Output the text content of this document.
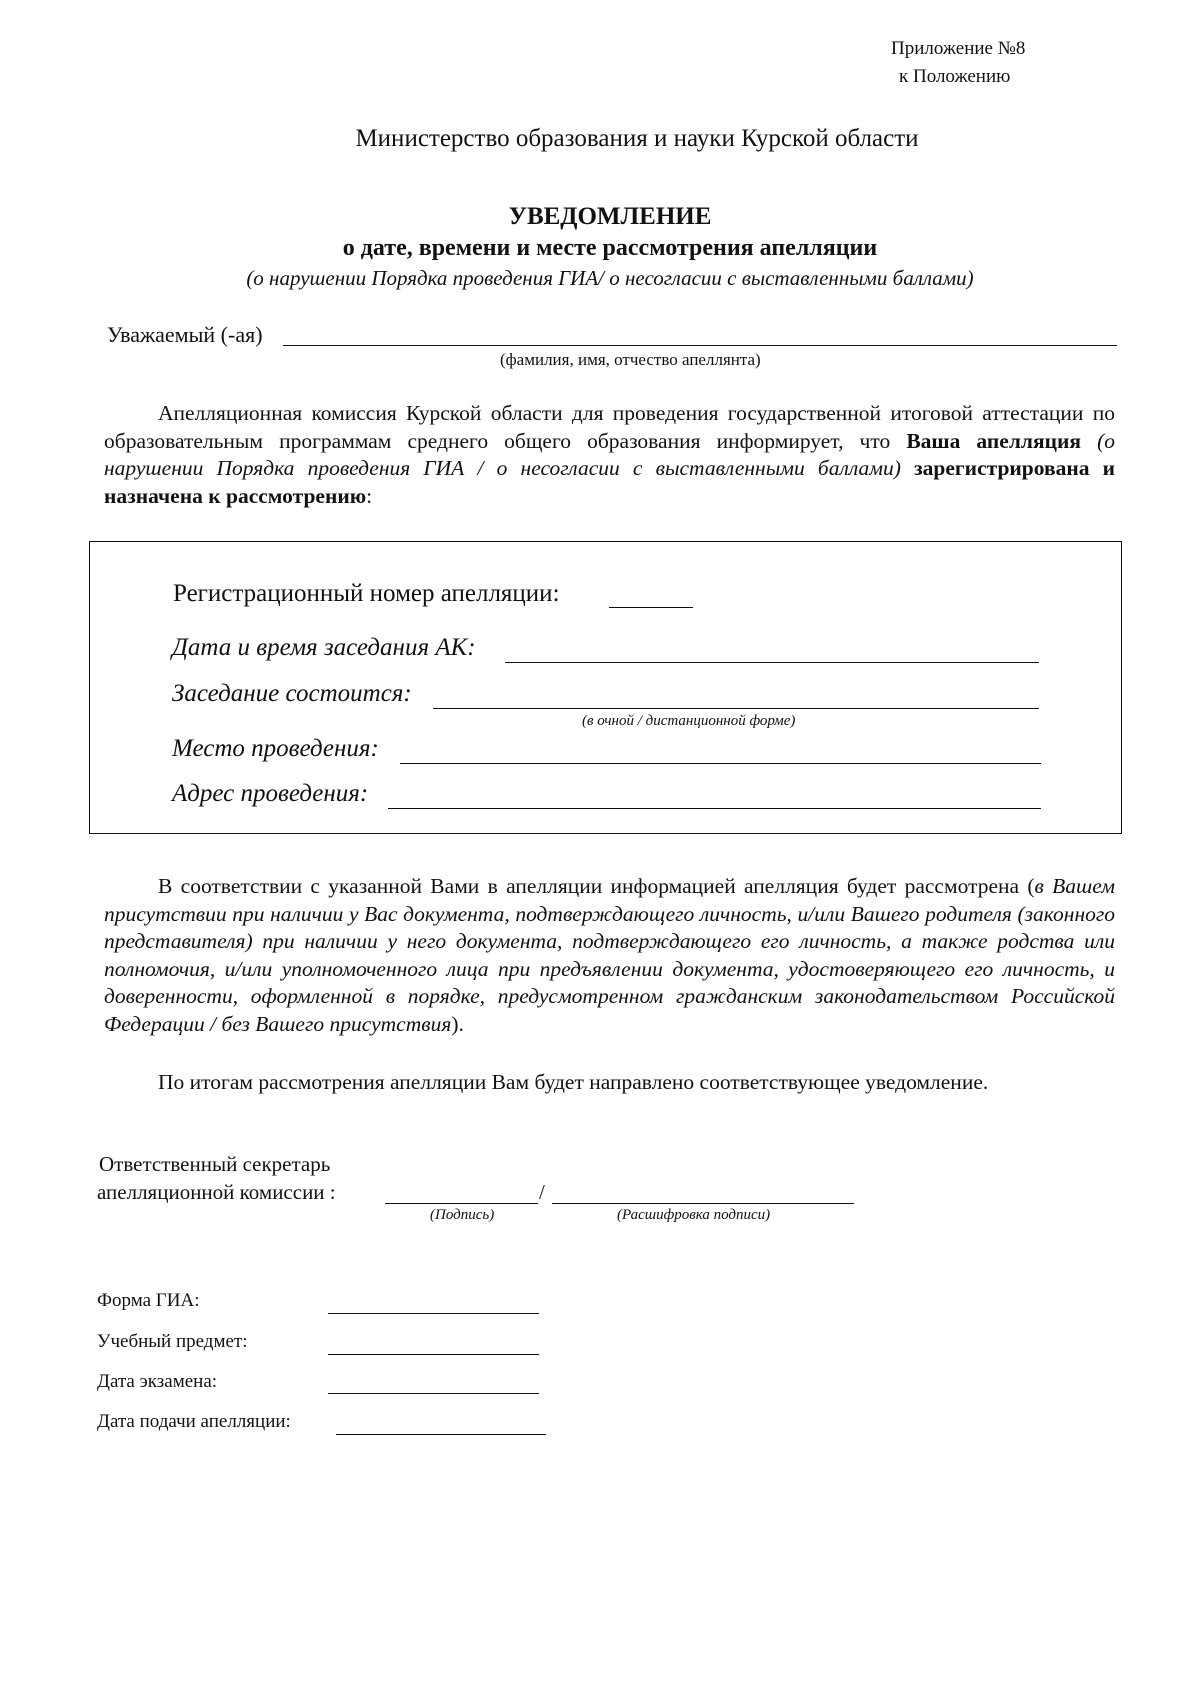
Приложение №8
к Положению
Министерство образования и науки Курской области
УВЕДОМЛЕНИЕ
о дате, времени и месте рассмотрения апелляции
(о нарушении Порядка проведения ГИА/ о несогласии с выставленными баллами)
Уважаемый (-ая)
(фамилия, имя, отчество апеллянта)
Апелляционная комиссия Курской области для проведения государственной итоговой аттестации по образовательным программам среднего общего образования информирует, что Ваша апелляция (о нарушении Порядка проведения ГИА / о несогласии с выставленными баллами) зарегистрирована и назначена к рассмотрению:
Регистрационный номер апелляции:
Дата и время заседания АК:
Заседание состоится:
(в очной / дистанционной форме)
Место проведения:
Адрес проведения:
В соответствии с указанной Вами в апелляции информацией апелляция будет рассмотрена (в Вашем присутствии при наличии у Вас документа, подтверждающего личность, и/или Вашего родителя (законного представителя) при наличии у него документа, подтверждающего его личность, а также родства или полномочия, и/или уполномоченного лица при предъявлении документа, удостоверяющего его личность, и доверенности, оформленной в порядке, предусмотренном гражданским законодательством Российской Федерации / без Вашего присутствия).
По итогам рассмотрения апелляции Вам будет направлено соответствующее уведомление.
Ответственный секретарь
апелляционной комиссии :	/
(Подпись)	(Расшифровка подписи)
Форма ГИА:
Учебный предмет:
Дата экзамена:
Дата подачи апелляции:
